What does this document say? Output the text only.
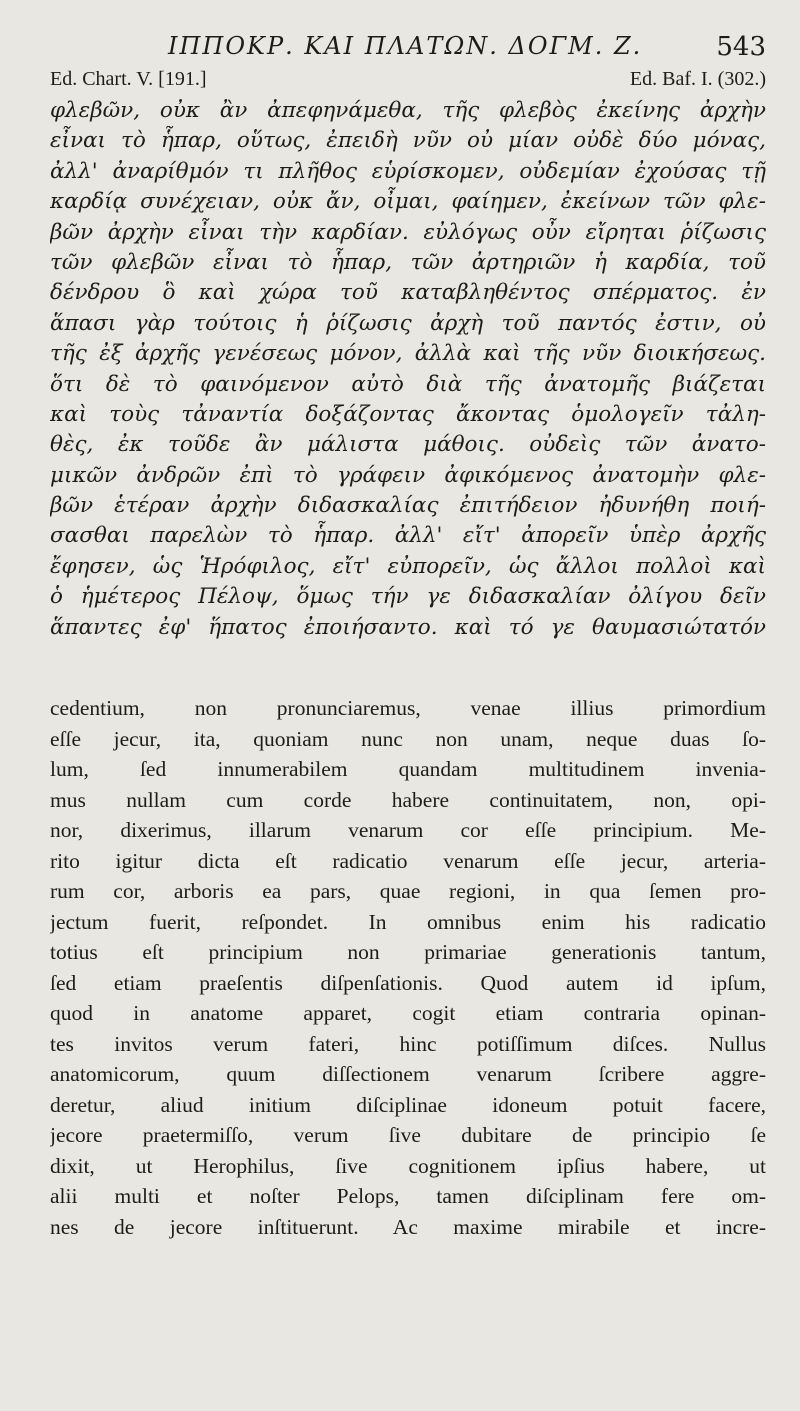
ΙΠΠΟΚΡ. ΚΑΙ ΠΛΑΤΩΝ. ΔΟΓΜ. Ζ.	543
Ed. Chart. V. [191.]	Ed. Baf. I. (302.)
φλεβῶν, οὐκ ἂν ἀπεφηνάμεθα, τῆς φλεβὸς ἐκείνης ἀρχὴν
εἶναι τὸ ἧπαρ, οὕτως, ἐπειδὴ νῦν οὐ μίαν οὐδὲ δύο μόνας,
ἀλλ' ἀναρίθμόν τι πλῆθος εὑρίσκομεν, οὐδεμίαν ἐχούσας τῇ
καρδίᾳ συνέχειαν, οὐκ ἄν, οἶμαι, φαίημεν, ἐκείνων τῶν φλε-
βῶν ἀρχὴν εἶναι τὴν καρδίαν. εὐλόγως οὖν εἴρηται ῥίζωσις
τῶν φλεβῶν εἶναι τὸ ἧπαρ, τῶν ἀρτηριῶν ἡ καρδία, τοῦ
δένδρου ὃ καὶ χώρα τοῦ καταβληθέντος σπέρματος. ἐν
ἅπασι γὰρ τούτοις ἡ ῥίζωσις ἀρχὴ τοῦ παντός ἐστιν, οὐ
τῆς ἐξ ἀρχῆς γενέσεως μόνον, ἀλλὰ καὶ τῆς νῦν διοικήσεως.
ὅτι δὲ τὸ φαινόμενον αὐτὸ διὰ τῆς ἀνατομῆς βιάζεται
καὶ τοὺς τἀναντία δοξάζοντας ἄκοντας ὁμολογεῖν τἀλη-
θὲς, ἐκ τοῦδε ἂν μάλιστα μάθοις. οὐδεὶς τῶν ἀνατο-
μικῶν ἀνδρῶν ἐπὶ τὸ γράφειν ἀφικόμενος ἀνατομὴν φλε-
βῶν ἑτέραν ἀρχὴν διδασκαλίας ἐπιτήδειον ἠδυνήθη ποιή-
σασθαι παρελὼν τὸ ἧπαρ. ἀλλ' εἴτ' ἀπορεῖν ὑπὲρ ἀρχῆς
ἔφησεν, ὡς Ἡρόφιλος, εἴτ' εὐπορεῖν, ὡς ἄλλοι πολλοὶ καὶ
ὁ ἡμέτερος Πέλοψ, ὅμως τήν γε διδασκαλίαν ὀλίγου δεῖν
ἅπαντες ἐφ' ἥπατος ἐποιήσαντο. καὶ τό γε θαυμασιώτατόν
cedentium, non pronunciaremus, venae illius primordium
eſſe jecur, ita, quoniam nunc non unam, neque duas ſo-
lum, ſed innumerabilem quandam multitudinem invenia-
mus nullam cum corde habere continuitatem, non, opi-
nor, dixerimus, illarum venarum cor eſſe principium. Me-
rito igitur dicta eſt radicatio venarum eſſe jecur, arteria-
rum cor, arboris ea pars, quae regioni, in qua ſemen pro-
jectum fuerit, reſpondet. In omnibus enim his radicatio
totius eſt principium non primariae generationis tantum,
ſed etiam praeſentis diſpenſationis. Quod autem id ipſum,
quod in anatome apparet, cogit etiam contraria opinan-
tes invitos verum fateri, hinc potiſſimum diſces. Nullus
anatomicorum, quum diſſectionem venarum ſcribere aggre-
deretur, aliud initium diſciplinae idoneum potuit facere,
jecore praetermiſſo, verum ſive dubitare de principio ſe
dixit, ut Herophilus, ſive cognitionem ipſius habere, ut
alii multi et noſter Pelops, tamen diſciplinam fere om-
nes de jecore inſtituerunt. Ac maxime mirabile et incre-
